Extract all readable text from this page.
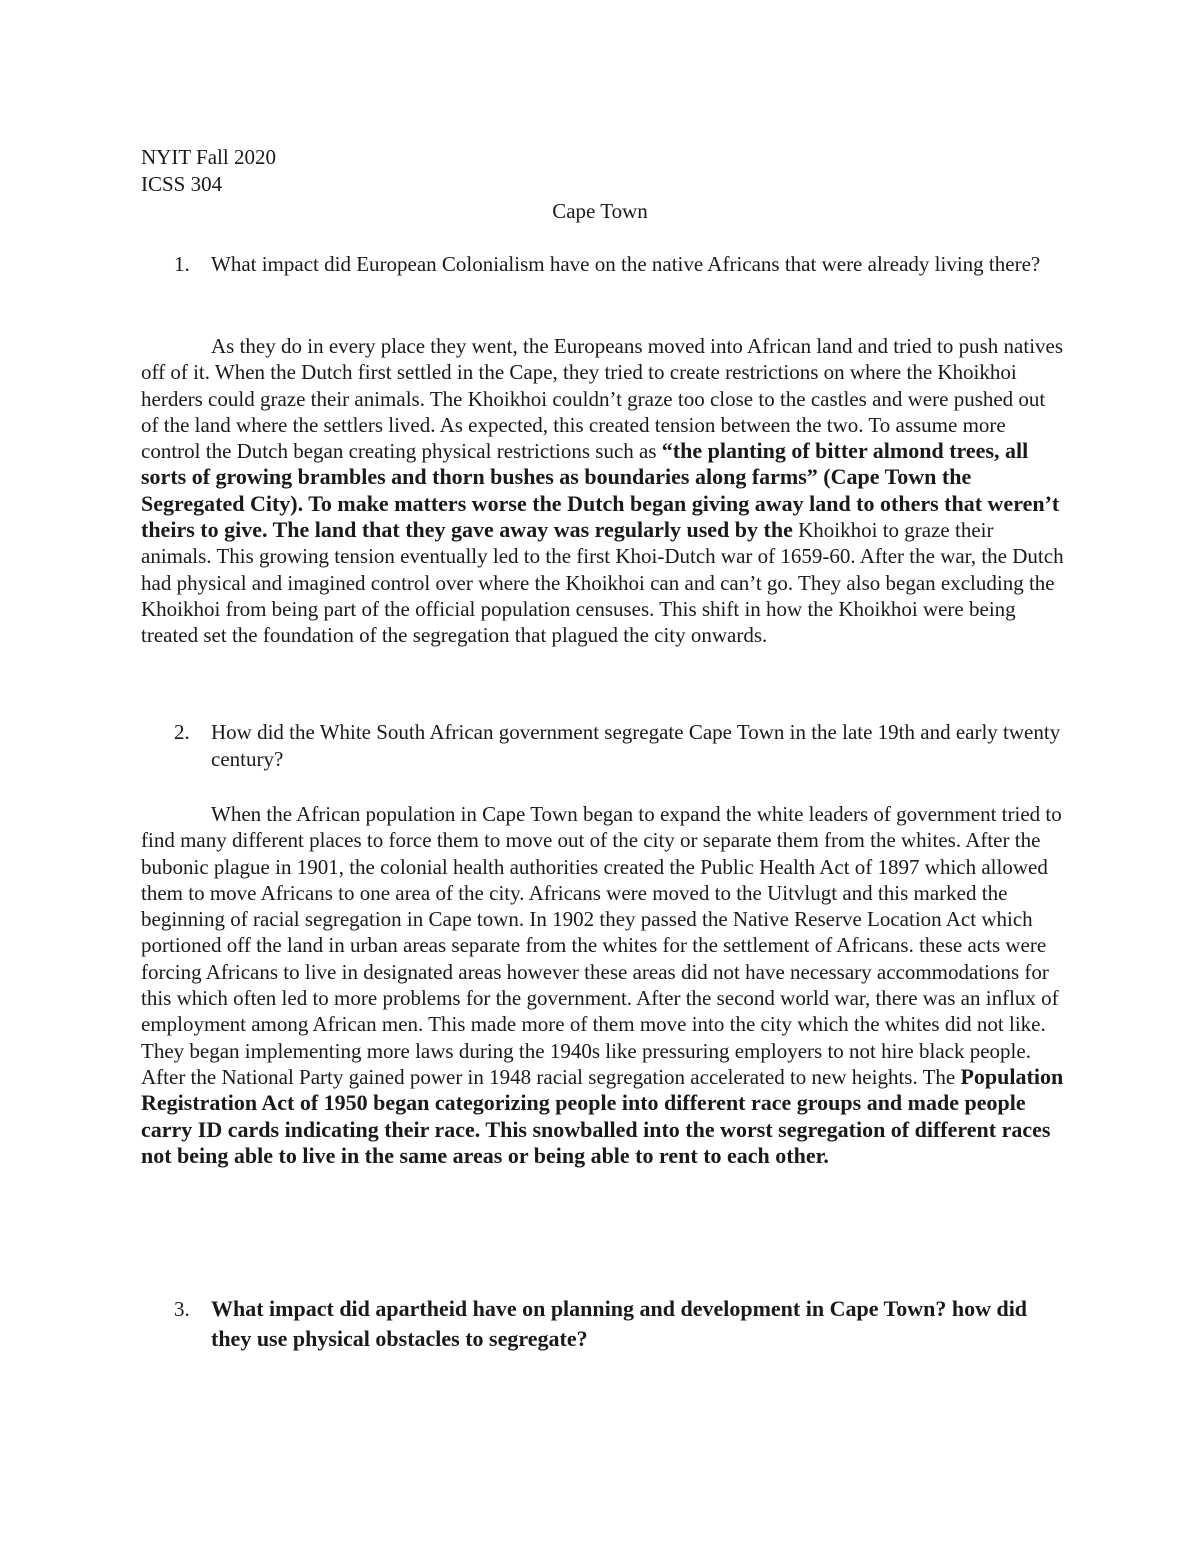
NYIT Fall 2020
ICSS 304
Cape Town
1. What impact did European Colonialism have on the native Africans that were already living there?
As they do in every place they went, the Europeans moved into African land and tried to push natives off of it. When the Dutch first settled in the Cape, they tried to create restrictions on where the Khoikhoi herders could graze their animals. The Khoikhoi couldn’t graze too close to the castles and were pushed out of the land where the settlers lived. As expected, this created tension between the two. To assume more control the Dutch began creating physical restrictions such as “the planting of bitter almond trees, all sorts of growing brambles and thorn bushes as boundaries along farms” (Cape Town the Segregated City). To make matters worse the Dutch began giving away land to others that weren’t theirs to give. The land that they gave away was regularly used by the Khoikhoi to graze their animals. This growing tension eventually led to the first Khoi-Dutch war of 1659-60. After the war, the Dutch had physical and imagined control over where the Khoikhoi can and can’t go. They also began excluding the Khoikhoi from being part of the official population censuses. This shift in how the Khoikhoi were being treated set the foundation of the segregation that plagued the city onwards.
2. How did the White South African government segregate Cape Town in the late 19th and early twenty century?
When the African population in Cape Town began to expand the white leaders of government tried to find many different places to force them to move out of the city or separate them from the whites. After the bubonic plague in 1901, the colonial health authorities created the Public Health Act of 1897 which allowed them to move Africans to one area of the city. Africans were moved to the Uitvlugt and this marked the beginning of racial segregation in Cape town. In 1902 they passed the Native Reserve Location Act which portioned off the land in urban areas separate from the whites for the settlement of Africans. these acts were forcing Africans to live in designated areas however these areas did not have necessary accommodations for this which often led to more problems for the government. After the second world war, there was an influx of employment among African men. This made more of them move into the city which the whites did not like. They began implementing more laws during the 1940s like pressuring employers to not hire black people. After the National Party gained power in 1948 racial segregation accelerated to new heights. The Population Registration Act of 1950 began categorizing people into different race groups and made people carry ID cards indicating their race. This snowballed into the worst segregation of different races not being able to live in the same areas or being able to rent to each other.
3. What impact did apartheid have on planning and development in Cape Town? how did they use physical obstacles to segregate?
